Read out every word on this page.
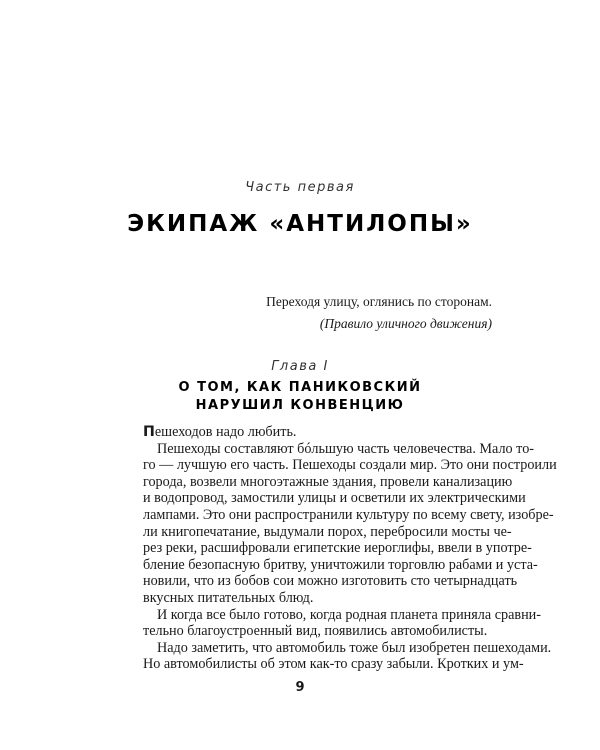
Часть первая
ЭКИПАЖ «АНТИЛОПЫ»
Переходя улицу, оглянись по сторонам.
(Правило уличного движения)
Глава I
О ТОМ, КАК ПАНИКОВСКИЙ
НАРУШИЛ КОНВЕНЦИЮ
Пешеходов надо любить.
Пешеходы составляют бóльшую часть человечества. Мало то-
го — лучшую его часть. Пешеходы создали мир. Это они построили
города, возвели многоэтажные здания, провели канализацию
и водопровод, замостили улицы и осветили их электрическими
лампами. Это они распространили культуру по всему свету, изобре-
ли книгопечатание, выдумали порох, перебросили мосты че-
рез реки, расшифровали египетские иероглифы, ввели в употре-
бление безопасную бритву, уничтожили торговлю рабами и уста-
новили, что из бобов сои можно изготовить сто четырнадцать
вкусных питательных блюд.
И когда все было готово, когда родная планета приняла сравни-
тельно благоустроенный вид, появились автомобилисты.
Надо заметить, что автомобиль тоже был изобретен пешеходами.
Но автомобилисты об этом как-то сразу забыли. Кротких и ум-
9
